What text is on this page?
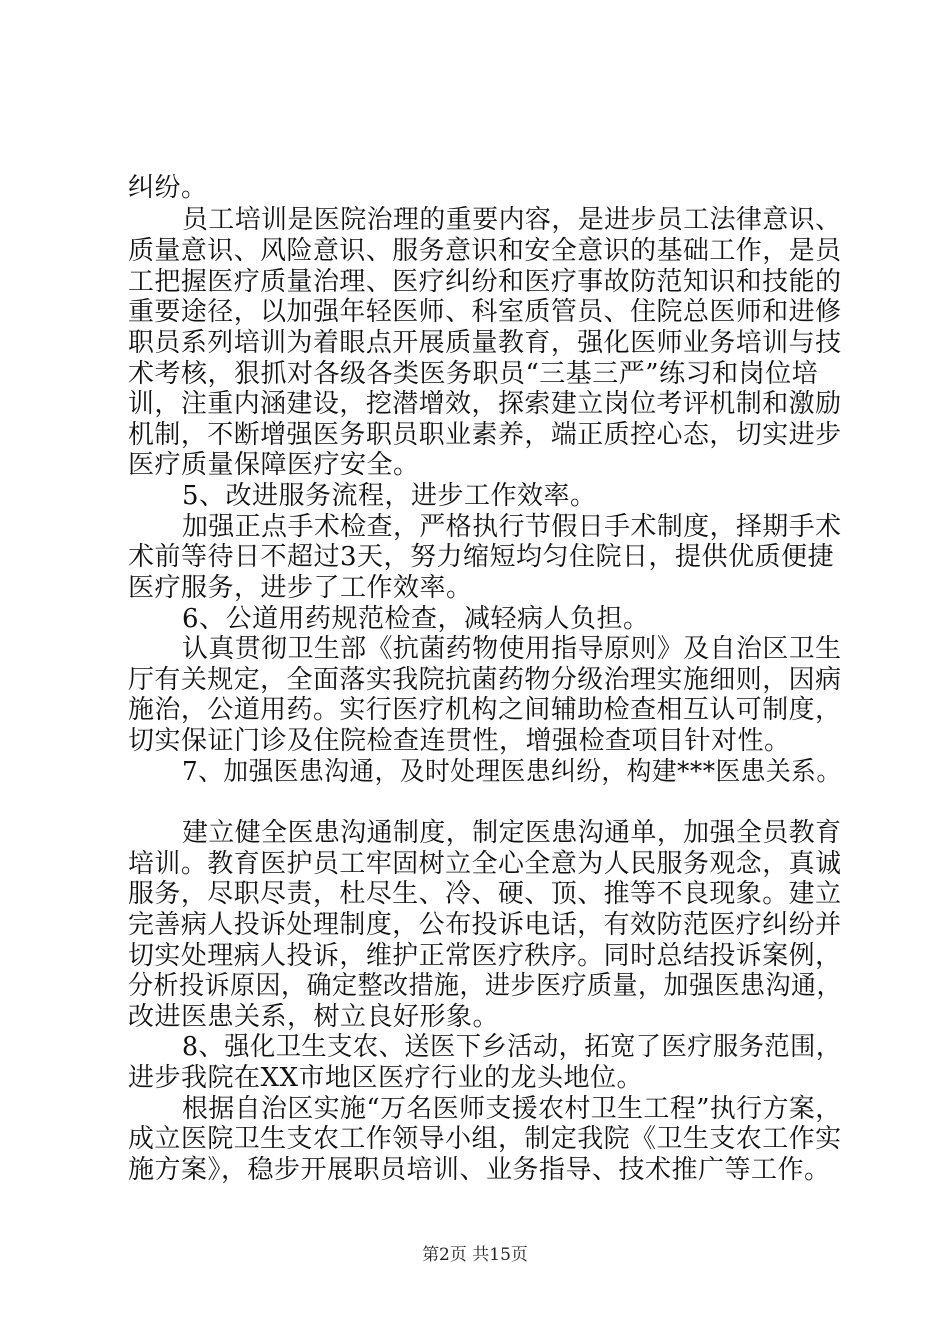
纠纷。
员工培训是医院治理的重要内容，是进步员工法律意识、
质量意识、风险意识、服务意识和安全意识的基础工作，是员
工把握医疗质量治理、医疗纠纷和医疗事故防范知识和技能的
重要途径，以加强年轻医师、科室质管员、住院总医师和进修
职员系列培训为着眼点开展质量教育，强化医师业务培训与技
术考核，狠抓对各级各类医务职员“三基三严”练习和岗位培
训，注重内涵建设，挖潜增效，探索建立岗位考评机制和激励
机制，不断增强医务职员职业素养，端正质控心态，切实进步
医疗质量保障医疗安全。
5、改进服务流程，进步工作效率。
加强正点手术检查，严格执行节假日手术制度，择期手术
术前等待日不超过3天，努力缩短均匀住院日，提供优质便捷
医疗服务，进步了工作效率。
6、公道用药规范检查，减轻病人负担。
认真贯彻卫生部《抗菌药物使用指导原则》及自治区卫生
厅有关规定，全面落实我院抗菌药物分级治理实施细则，因病
施治，公道用药。实行医疗机构之间辅助检查相互认可制度，
切实保证门诊及住院检查连贯性，增强检查项目针对性。
7、加强医患沟通，及时处理医患纠纷，构建***医患关系。
建立健全医患沟通制度，制定医患沟通单，加强全员教育
培训。教育医护员工牢固树立全心全意为人民服务观念，真诚
服务，尽职尽责，杜尽生、冷、硬、顶、推等不良现象。建立
完善病人投诉处理制度，公布投诉电话，有效防范医疗纠纷并
切实处理病人投诉，维护正常医疗秩序。同时总结投诉案例，
分析投诉原因，确定整改措施，进步医疗质量，加强医患沟通，
改进医患关系，树立良好形象。
8、强化卫生支农、送医下乡活动，拓宽了医疗服务范围，
进步我院在XX市地区医疗行业的龙头地位。
根据自治区实施“万名医师支援农村卫生工程”执行方案，
成立医院卫生支农工作领导小组，制定我院《卫生支农工作实
施方案》，稳步开展职员培训、业务指导、技术推广等工作。
第2页 共15页
